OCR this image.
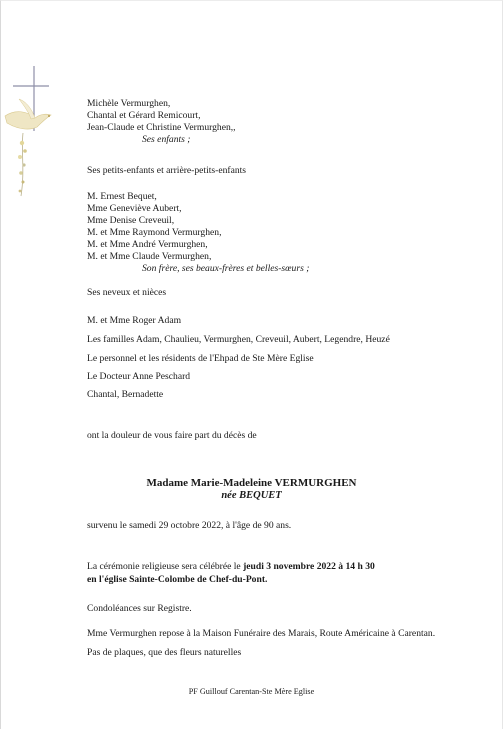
Michèle Vermurghen,
Chantal et Gérard Remicourt,
Jean-Claude et Christine Vermurghen,,
Ses enfants ;
Ses petits-enfants et arrière-petits-enfants
M. Ernest Bequet,
Mme Geneviève Aubert,
Mme Denise Creveuil,
M. et Mme Raymond Vermurghen,
M. et Mme André Vermurghen,
M. et Mme Claude Vermurghen,
Son frère, ses beaux-frères et belles-sœurs ;
Ses neveux et nièces
M. et Mme Roger Adam
Les familles Adam, Chaulieu, Vermurghen, Creveuil, Aubert, Legendre, Heuzé
Le personnel et les résidents de l'Ehpad de Ste Mère Eglise
Le Docteur Anne Peschard
Chantal, Bernadette
ont la douleur de vous faire part du décès de
Madame Marie-Madeleine VERMURGHEN
née BEQUET
survenu le samedi 29 octobre 2022, à l'âge de 90 ans.
La cérémonie religieuse sera célébrée le jeudi 3 novembre 2022 à 14 h 30
en l'église Sainte-Colombe de Chef-du-Pont.
Condoléances sur Registre.
Mme Vermurghen repose à la Maison Funéraire des Marais, Route Américaine à Carentan.
Pas de plaques, que des fleurs naturelles
PF Guillouf Carentan-Ste Mère Eglise
